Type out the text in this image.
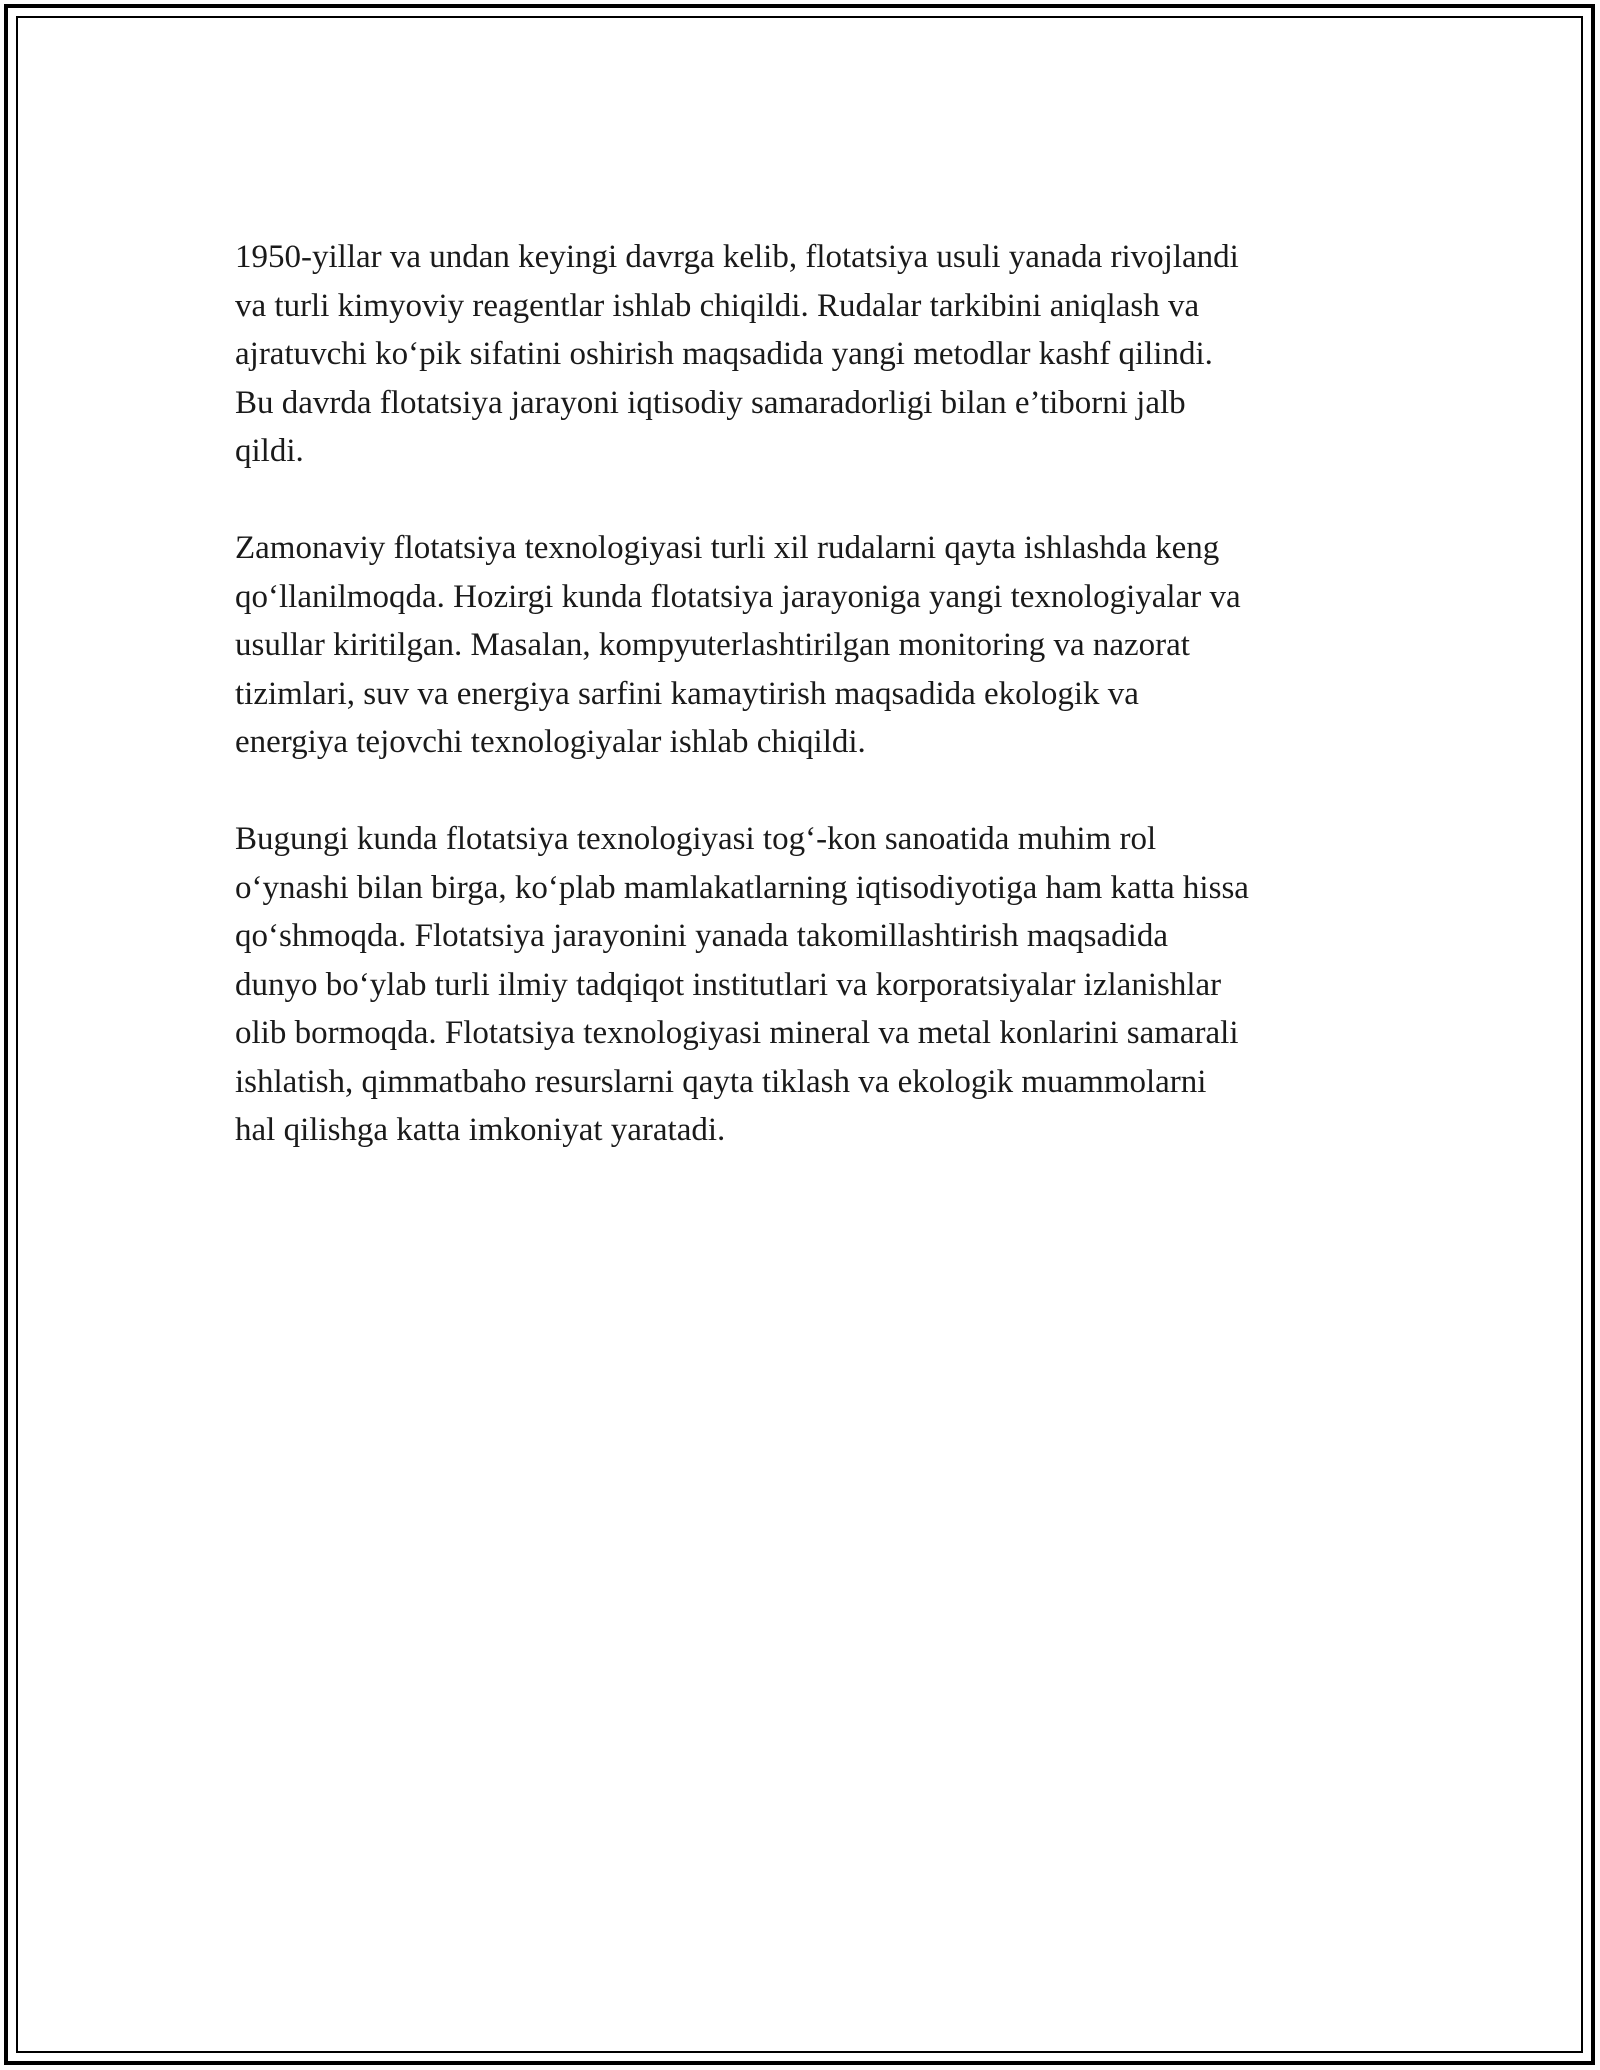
1950-yillar va undan keyingi davrga kelib, flotatsiya usuli yanada rivojlandi
va turli kimyoviy reagentlar ishlab chiqildi. Rudalar tarkibini aniqlash va
ajratuvchi ko‘pik sifatini oshirish maqsadida yangi metodlar kashf qilindi.
Bu davrda flotatsiya jarayoni iqtisodiy samaradorligi bilan e’tiborni jalb
qildi.

Zamonaviy flotatsiya texnologiyasi turli xil rudalarni qayta ishlashda keng
qo‘llanilmoqda. Hozirgi kunda flotatsiya jarayoniga yangi texnologiyalar va
usullar kiritilgan. Masalan, kompyuterlashtirilgan monitoring va nazorat
tizimlari, suv va energiya sarfini kamaytirish maqsadida ekologik va
energiya tejovchi texnologiyalar ishlab chiqildi.

Bugungi kunda flotatsiya texnologiyasi tog‘-kon sanoatida muhim rol
o‘ynashi bilan birga, ko‘plab mamlakatlarning iqtisodiyotiga ham katta hissa
qo‘shmoqda. Flotatsiya jarayonini yanada takomillashtirish maqsadida
dunyo bo‘ylab turli ilmiy tadqiqot institutlari va korporatsiyalar izlanishlar
olib bormoqda. Flotatsiya texnologiyasi mineral va metal konlarini samarali
ishlatish, qimmatbaho resurslarni qayta tiklash va ekologik muammolarni
hal qilishga katta imkoniyat yaratadi.
